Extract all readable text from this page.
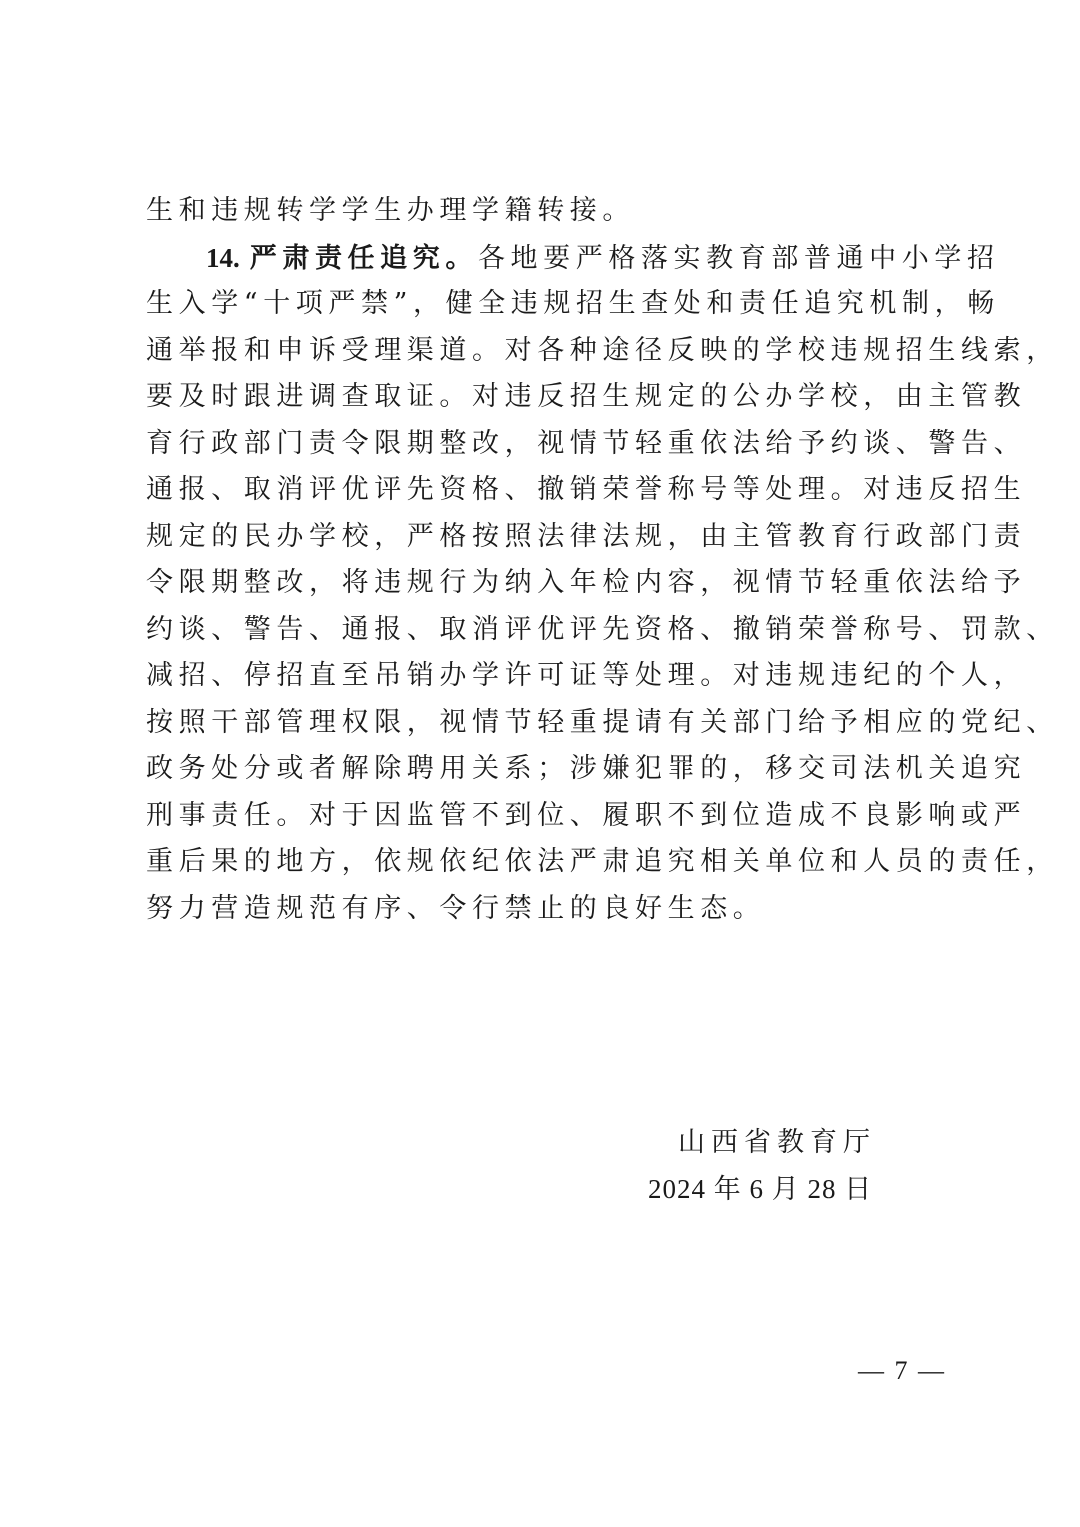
生和违规转学学生办理学籍转接。
14. 严肃责任追究。各地要严格落实教育部普通中小学招
生入学“十项严禁”，健全违规招生查处和责任追究机制，畅
通举报和申诉受理渠道。对各种途径反映的学校违规招生线索，
要及时跟进调查取证。对违反招生规定的公办学校，由主管教
育行政部门责令限期整改，视情节轻重依法给予约谈、警告、
通报、取消评优评先资格、撤销荣誉称号等处理。对违反招生
规定的民办学校，严格按照法律法规，由主管教育行政部门责
令限期整改，将违规行为纳入年检内容，视情节轻重依法给予
约谈、警告、通报、取消评优评先资格、撤销荣誉称号、罚款、
减招、停招直至吊销办学许可证等处理。对违规违纪的个人，
按照干部管理权限，视情节轻重提请有关部门给予相应的党纪、
政务处分或者解除聘用关系；涉嫌犯罪的，移交司法机关追究
刑事责任。对于因监管不到位、履职不到位造成不良影响或严
重后果的地方，依规依纪依法严肃追究相关单位和人员的责任，
努力营造规范有序、令行禁止的良好生态。
山西省教育厅
2024 年 6 月 28 日
— 7 —
